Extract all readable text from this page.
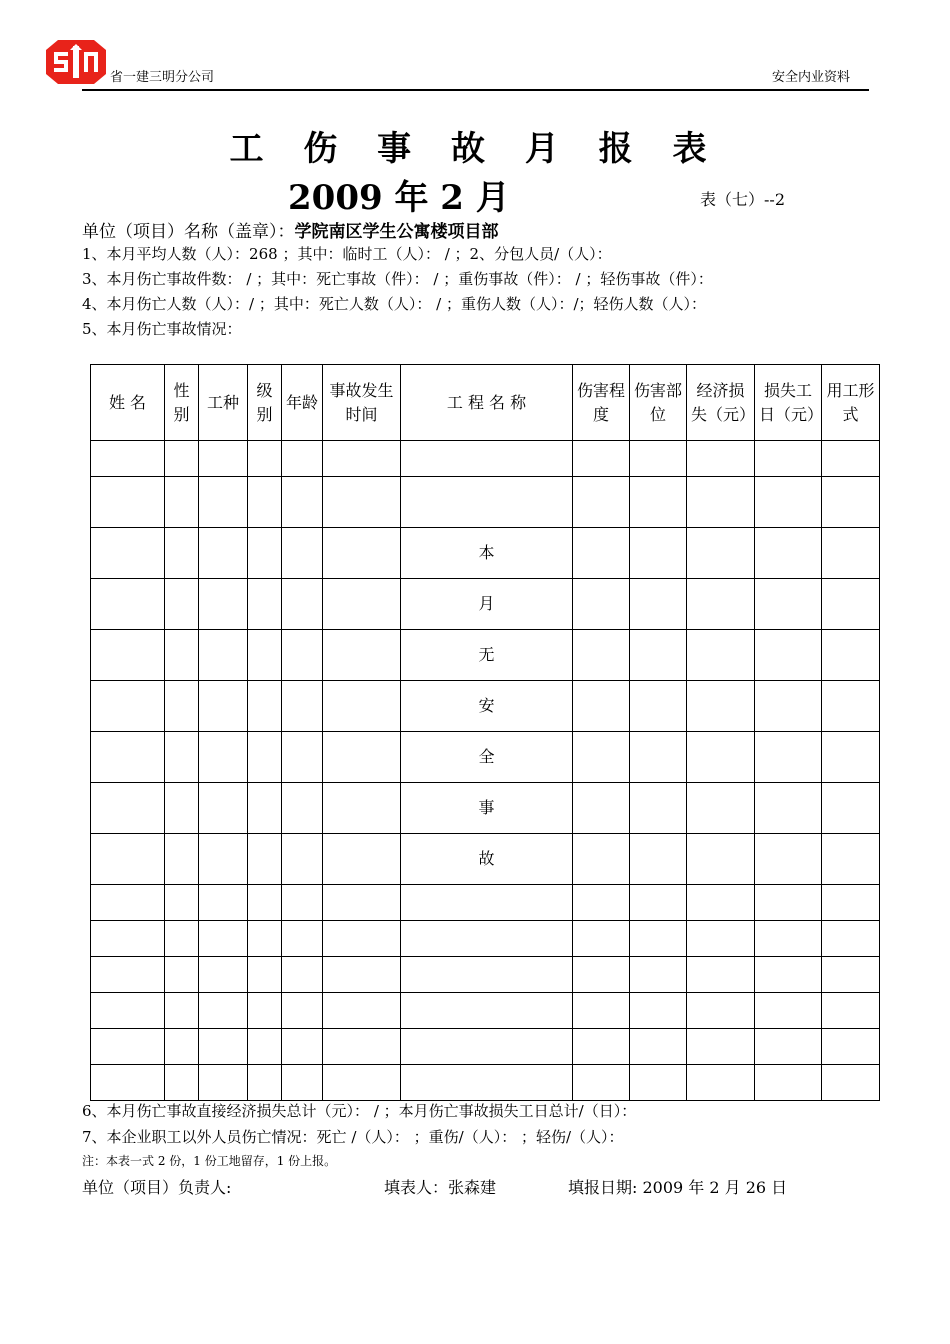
省一建三明分公司	安全内业资料
工 伤 事 故 月 报 表
2009 年 2 月	表（七）--2
单位（项目）名称（盖章）：学院南区学生公寓楼项目部
1、本月平均人数（人）：268 ；其中：临时工（人）： / ；2、分包人员/（人）：
3、本月伤亡事故件数： / ；其中：死亡事故（件）： / ；重伤事故（件）： / ；轻伤事故（件）：
4、本月伤亡人数（人）：/ ；其中：死亡人数（人）： / ；重伤人数（人）：/；轻伤人数（人）：
5、本月伤亡事故情况：
姓 名	性别	工种	级别	年龄	事故发生时间	工 程 名 称	伤害程度	伤害部位	经济损失（元）	损失工日（元）	用工形式

						本					
						月					
						无					
						安					
						全					
						事					
						故					

6、本月伤亡事故直接经济损失总计（元）： / ；本月伤亡事故损失工日总计/（日）：
7、本企业职工以外人员伤亡情况：死亡 /（人）： ；重伤/（人）： ；轻伤/（人）：
注：本表一式 2 份，1 份工地留存，1 份上报。
单位（项目）负责人:	填表人：张森建	填报日期: 2009 年 2 月 26 日
